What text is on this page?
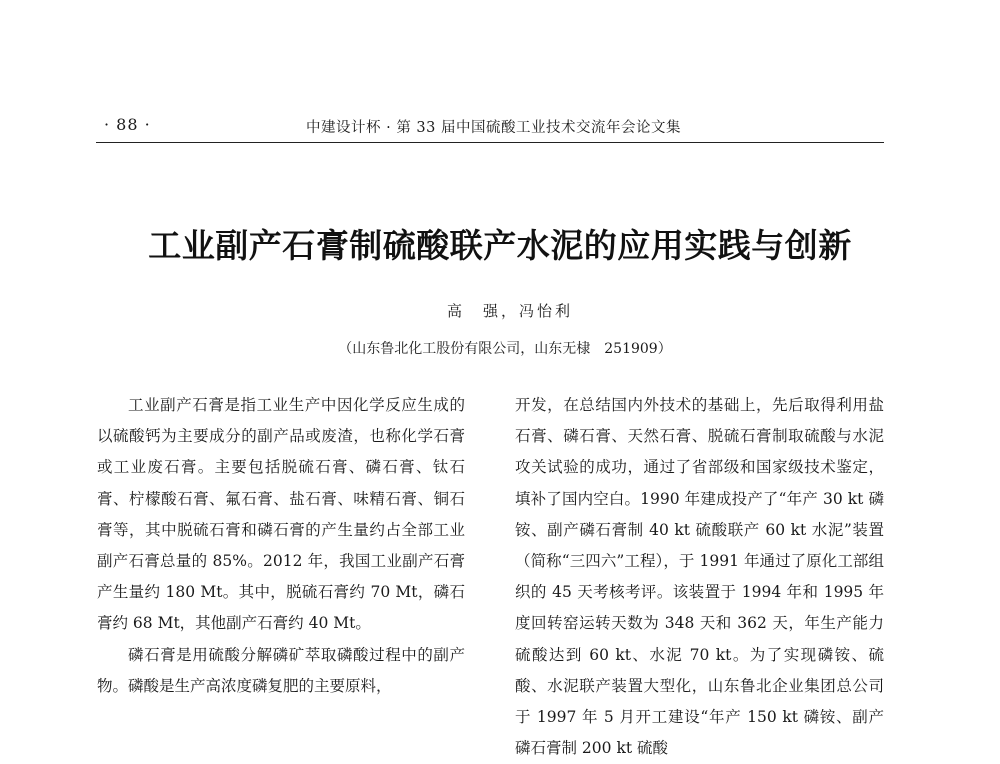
· 88 ·	中建设计杯 · 第 33 届中国硫酸工业技术交流年会论文集
工业副产石膏制硫酸联产水泥的应用实践与创新
高　强，冯怡利
（山东鲁北化工股份有限公司，山东无棣　251909）

工业副产石膏是指工业生产中因化学反应生成的以硫酸钙为主要成分的副产品或废渣，也称化学石膏或工业废石膏。主要包括脱硫石膏、磷石膏、钛石膏、柠檬酸石膏、氟石膏、盐石膏、味精石膏、铜石膏等，其中脱硫石膏和磷石膏的产生量约占全部工业副产石膏总量的 85%。2012 年，我国工业副产石膏产生量约 180 Mt。其中，脱硫石膏约 70 Mt，磷石膏约 68 Mt，其他副产石膏约 40 Mt。

磷石膏是用硫酸分解磷矿萃取磷酸过程中的副产物。磷酸是生产高浓度磷复肥的主要原料，

开发，在总结国内外技术的基础上，先后取得利用盐石膏、磷石膏、天然石膏、脱硫石膏制取硫酸与水泥攻关试验的成功，通过了省部级和国家级技术鉴定，填补了国内空白。1990 年建成投产了“年产 30 kt 磷铵、副产磷石膏制 40 kt 硫酸联产 60 kt 水泥”装置（简称“三四六”工程），于 1991 年通过了原化工部组织的 45 天考核考评。该装置于 1994 年和 1995 年度回转窑运转天数为 348 天和 362 天，年生产能力硫酸达到 60 kt、水泥 70 kt。为了实现磷铵、硫酸、水泥联产装置大型化，山东鲁北企业集团总公司于 1997 年 5 月开工建设“年产 150 kt 磷铵、副产磷石膏制 200 kt 硫酸
